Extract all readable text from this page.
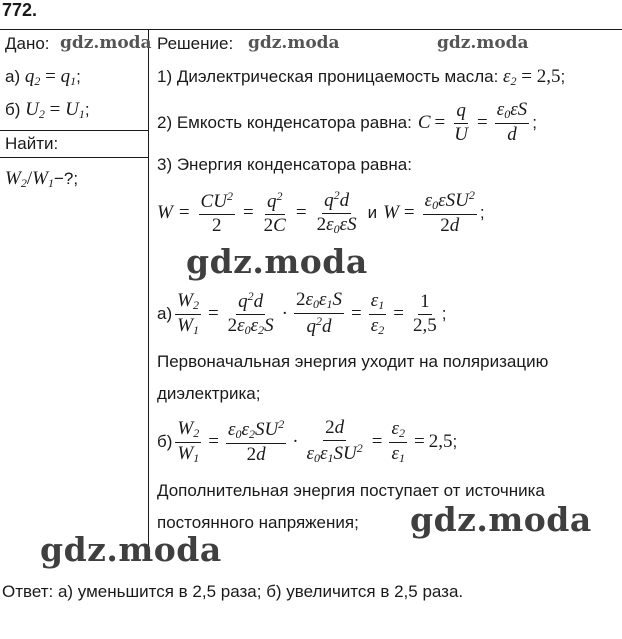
772.
Дано: gdz.moda
а) $q_2 = q_1$ ;
б) $U_2 = U_1$ ;
Найти:
$W_2/W_1$ −?;
Решение: gdz.moda	gdz.moda
1) Диэлектрическая проницаемость масла: $\varepsilon_2 = 2,5$;
2) Емкость конденсатора равна: $C = \frac{q}{U} = \frac{\varepsilon_0\varepsilon S}{d}$ ;
3) Энергия конденсатора равна:
$W = \frac{CU^2}{2} = \frac{q^2}{2C} = \frac{q^2d}{2\varepsilon_0\varepsilon S}$ и $W = \frac{\varepsilon_0\varepsilon SU^2}{2d}$ ;
gdz.moda
$а) \frac{W_2}{W_1} = \frac{q^2d}{2\varepsilon_0\varepsilon_2S} \cdot \frac{2\varepsilon_0\varepsilon_1S}{q^2d} = \frac{\varepsilon_1}{\varepsilon_2} = \frac{1}{2,5}$ ;
Первоначальная энергия уходит на поляризацию
диэлектрика;
$б) \frac{W_2}{W_1} = \frac{\varepsilon_0\varepsilon_2SU^2}{2d} \cdot \frac{2d}{\varepsilon_0\varepsilon_1SU^2} = \frac{\varepsilon_2}{\varepsilon_1} = 2,5$ ;
Дополнительная энергия поступает от источника
постоянного напряжения; gdz.moda
gdz.moda
Ответ: а) уменьшится в 2,5 раза; б) увеличится в 2,5 раза.
